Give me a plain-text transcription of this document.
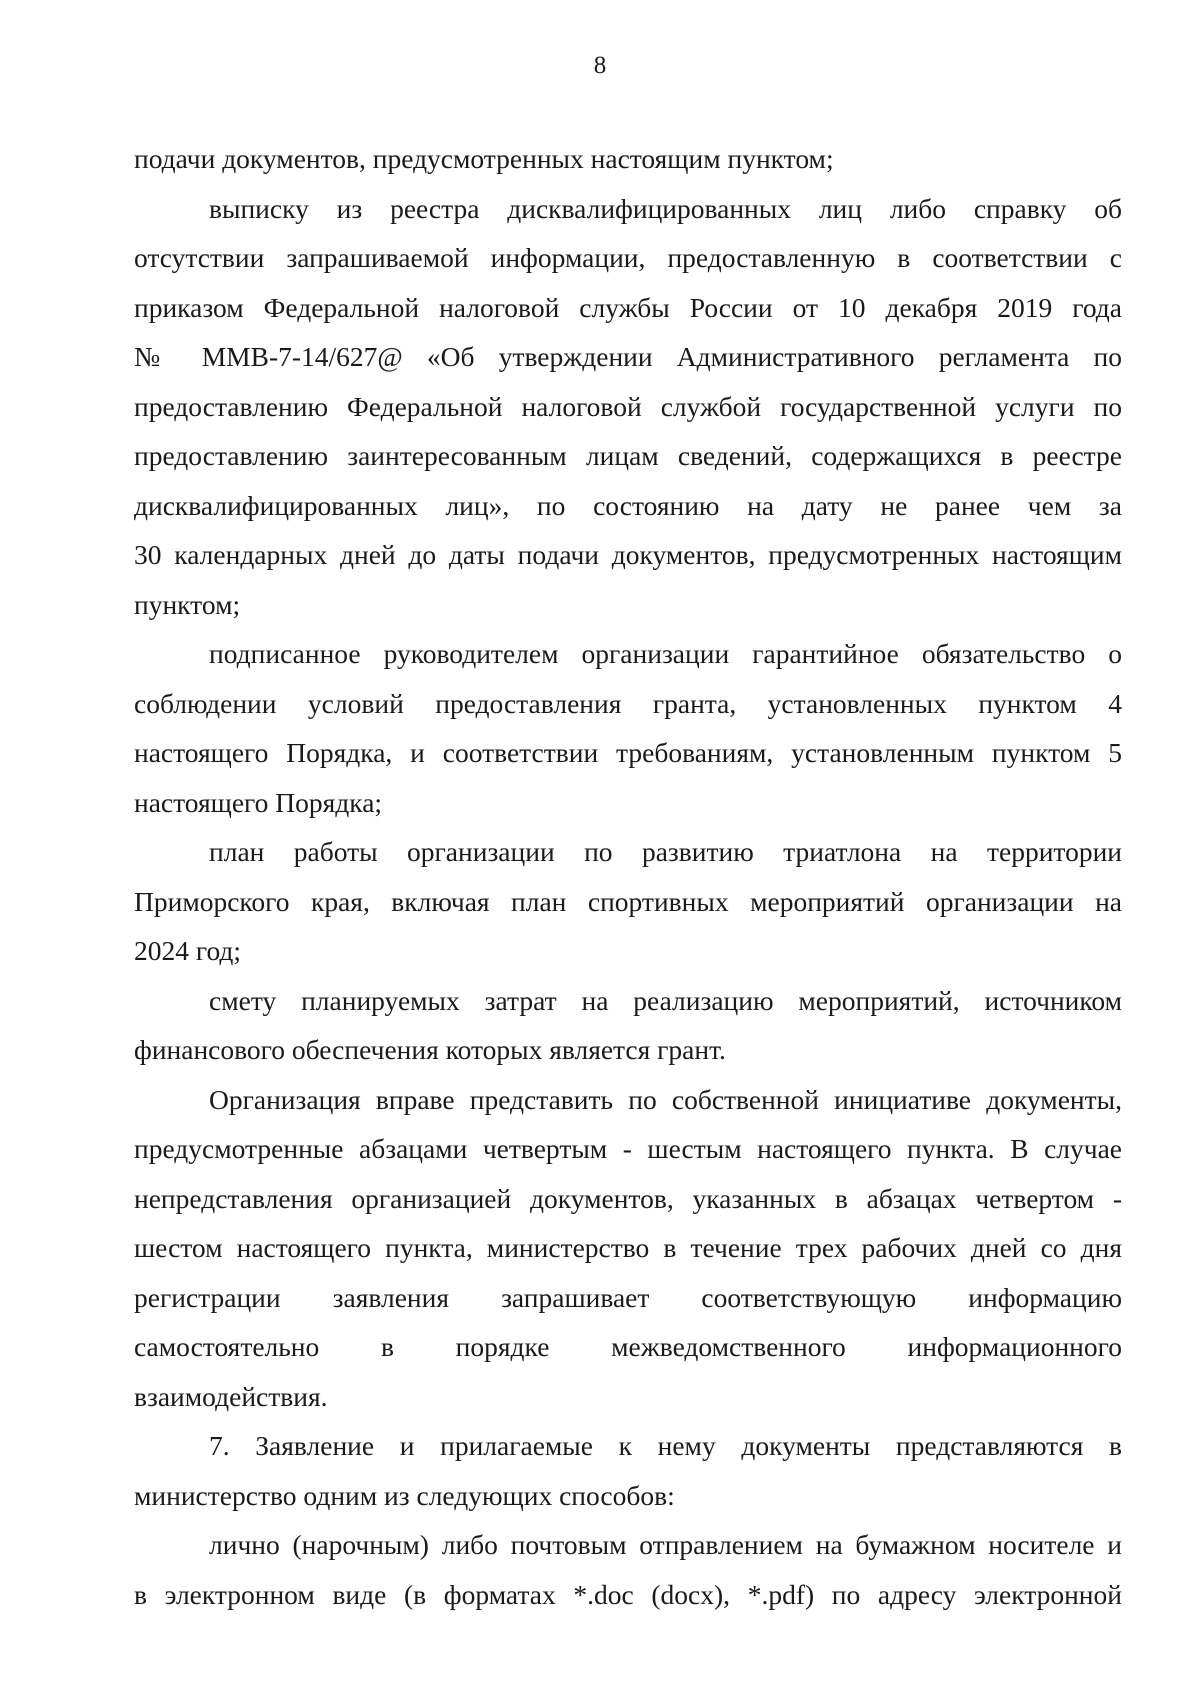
8
подачи документов, предусмотренных настоящим пунктом;
выписку из реестра дисквалифицированных лиц либо справку об
отсутствии запрашиваемой информации, предоставленную в соответствии с
приказом Федеральной налоговой службы России от 10 декабря 2019 года
№ ММВ-7-14/627@ «Об утверждении Административного регламента по
предоставлению Федеральной налоговой службой государственной услуги по
предоставлению заинтересованным лицам сведений, содержащихся в реестре
дисквалифицированных лиц», по состоянию на дату не ранее чем за
30 календарных дней до даты подачи документов, предусмотренных настоящим
пунктом;
подписанное руководителем организации гарантийное обязательство о
соблюдении условий предоставления гранта, установленных пунктом 4
настоящего Порядка, и соответствии требованиям, установленным пунктом 5
настоящего Порядка;
план работы организации по развитию триатлона на территории
Приморского края, включая план спортивных мероприятий организации на
2024 год;
смету планируемых затрат на реализацию мероприятий, источником
финансового обеспечения которых является грант.
Организация вправе представить по собственной инициативе документы,
предусмотренные абзацами четвертым - шестым настоящего пункта. В случае
непредставления организацией документов, указанных в абзацах четвертом -
шестом настоящего пункта, министерство в течение трех рабочих дней со дня
регистрации заявления запрашивает соответствующую информацию
самостоятельно в порядке межведомственного информационного
взаимодействия.
7. Заявление и прилагаемые к нему документы представляются в
министерство одним из следующих способов:
лично (нарочным) либо почтовым отправлением на бумажном носителе и
в электронном виде (в форматах *.doc (docx), *.pdf) по адресу электронной
